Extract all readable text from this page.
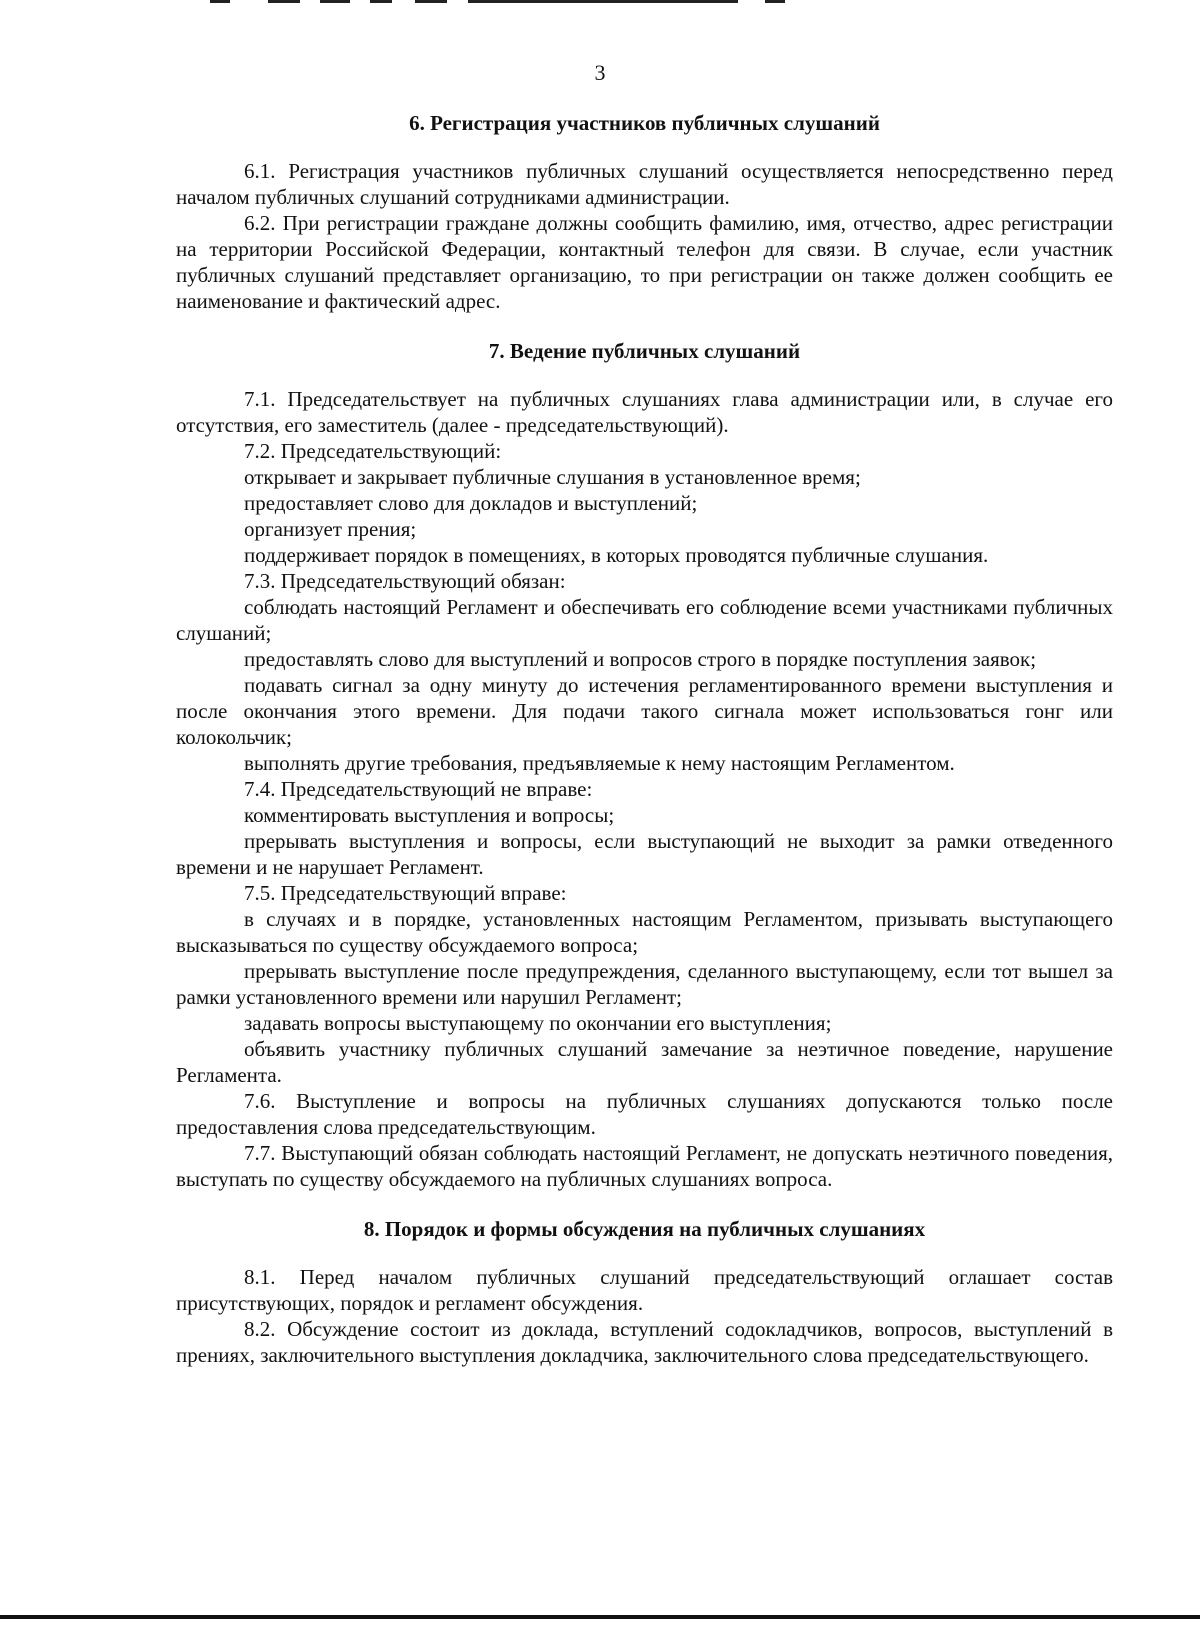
3

6. Регистрация участников публичных слушаний

6.1. Регистрация участников публичных слушаний осуществляется непосредственно перед началом публичных слушаний сотрудниками администрации.

6.2. При регистрации граждане должны сообщить фамилию, имя, отчество, адрес регистрации на территории Российской Федерации, контактный телефон для связи. В случае, если участник публичных слушаний представляет организацию, то при регистрации он также должен сообщить ее наименование и фактический адрес.

7. Ведение публичных слушаний

7.1. Председательствует на публичных слушаниях глава администрации или, в случае его отсутствия, его заместитель (далее - председательствующий).

7.2. Председательствующий:

открывает и закрывает публичные слушания в установленное время;

предоставляет слово для докладов и выступлений;

организует прения;

поддерживает порядок в помещениях, в которых проводятся публичные слушания.

7.3. Председательствующий обязан:

соблюдать настоящий Регламент и обеспечивать его соблюдение всеми участниками публичных слушаний;

предоставлять слово для выступлений и вопросов строго в порядке поступления заявок;

подавать сигнал за одну минуту до истечения регламентированного времени выступления и после окончания этого времени. Для подачи такого сигнала может использоваться гонг или колокольчик;

выполнять другие требования, предъявляемые к нему настоящим Регламентом.

7.4. Председательствующий не вправе:

комментировать выступления и вопросы;

прерывать выступления и вопросы, если выступающий не выходит за рамки отведенного времени и не нарушает Регламент.

7.5. Председательствующий вправе:

в случаях и в порядке, установленных настоящим Регламентом, призывать выступающего высказываться по существу обсуждаемого вопроса;

прерывать выступление после предупреждения, сделанного выступающему, если тот вышел за рамки установленного времени или нарушил Регламент;

задавать вопросы выступающему по окончании его выступления;

объявить участнику публичных слушаний замечание за неэтичное поведение, нарушение Регламента.

7.6. Выступление и вопросы на публичных слушаниях допускаются только после предоставления слова председательствующим.

7.7. Выступающий обязан соблюдать настоящий Регламент, не допускать неэтичного поведения, выступать по существу обсуждаемого на публичных слушаниях вопроса.

8. Порядок и формы обсуждения на публичных слушаниях

8.1. Перед началом публичных слушаний председательствующий оглашает состав присутствующих, порядок и регламент обсуждения.

8.2. Обсуждение состоит из доклада, вступлений содокладчиков, вопросов, выступлений в прениях, заключительного выступления докладчика, заключительного слова председательствующего.
